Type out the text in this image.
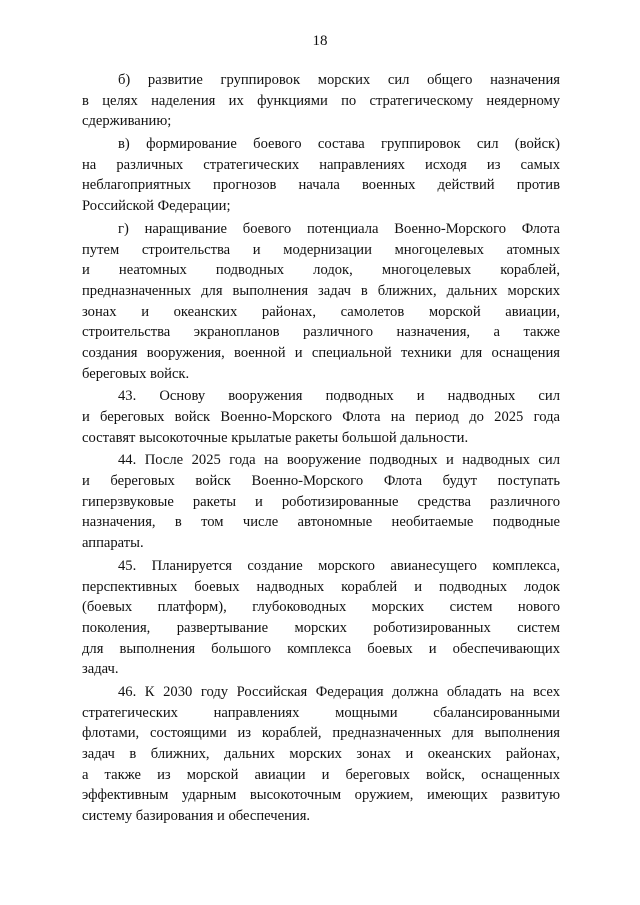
18
б) развитие группировок морских сил общего назначения
в целях наделения их функциями по стратегическому неядерному
сдерживанию;
в) формирование боевого состава группировок сил (войск)
на различных стратегических направлениях исходя из самых
неблагоприятных прогнозов начала военных действий против
Российской Федерации;
г) наращивание боевого потенциала Военно-Морского Флота
путем строительства и модернизации многоцелевых атомных
и неатомных подводных лодок, многоцелевых кораблей,
предназначенных для выполнения задач в ближних, дальних морских
зонах и океанских районах, самолетов морской авиации,
строительства экранопланов различного назначения, а также
создания вооружения, военной и специальной техники для оснащения
береговых войск.
43. Основу вооружения подводных и надводных сил
и береговых войск Военно-Морского Флота на период до 2025 года
составят высокоточные крылатые ракеты большой дальности.
44. После 2025 года на вооружение подводных и надводных сил
и береговых войск Военно-Морского Флота будут поступать
гиперзвуковые ракеты и роботизированные средства различного
назначения, в том числе автономные необитаемые подводные
аппараты.
45. Планируется создание морского авианесущего комплекса,
перспективных боевых надводных кораблей и подводных лодок
(боевых платформ), глубоководных морских систем нового
поколения, развертывание морских роботизированных систем
для выполнения большого комплекса боевых и обеспечивающих
задач.
46. К 2030 году Российская Федерация должна обладать на всех
стратегических направлениях мощными сбалансированными
флотами, состоящими из кораблей, предназначенных для выполнения
задач в ближних, дальних морских зонах и океанских районах,
а также из морской авиации и береговых войск, оснащенных
эффективным ударным высокоточным оружием, имеющих развитую
систему базирования и обеспечения.
